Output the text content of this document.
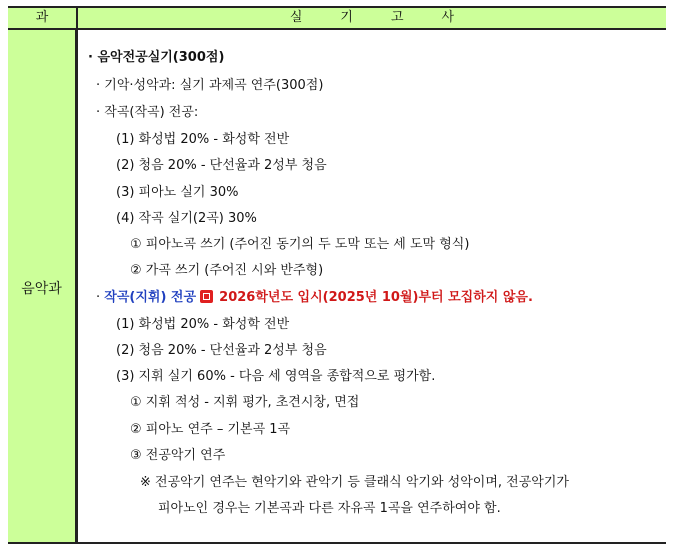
과	실기고사
음악과
· 음악전공실기(300점)
· 기악·성악과: 실기 과제곡 연주(300점)
· 작곡(작곡) 전공:
(1) 화성법 20% - 화성학 전반
(2) 청음 20% - 단선율과 2성부 청음
(3) 피아노 실기 30%
(4) 작곡 실기(2곡) 30%
① 피아노곡 쓰기 (주어진 동기의 두 도막 또는 세 도막 형식)
② 가곡 쓰기 (주어진 시와 반주형)
· 작곡(지휘) 전공 2026학년도 입시(2025년 10월)부터 모집하지 않음.
(1) 화성법 20% - 화성학 전반
(2) 청음 20% - 단선율과 2성부 청음
(3) 지휘 실기 60% - 다음 세 영역을 종합적으로 평가함.
① 지휘 적성 - 지휘 평가, 초견시창, 면접
② 피아노 연주 – 기본곡 1곡
③ 전공악기 연주
※ 전공악기 연주는 현악기와 관악기 등 클래식 악기와 성악이며, 전공악기가
피아노인 경우는 기본곡과 다른 자유곡 1곡을 연주하여야 함.
